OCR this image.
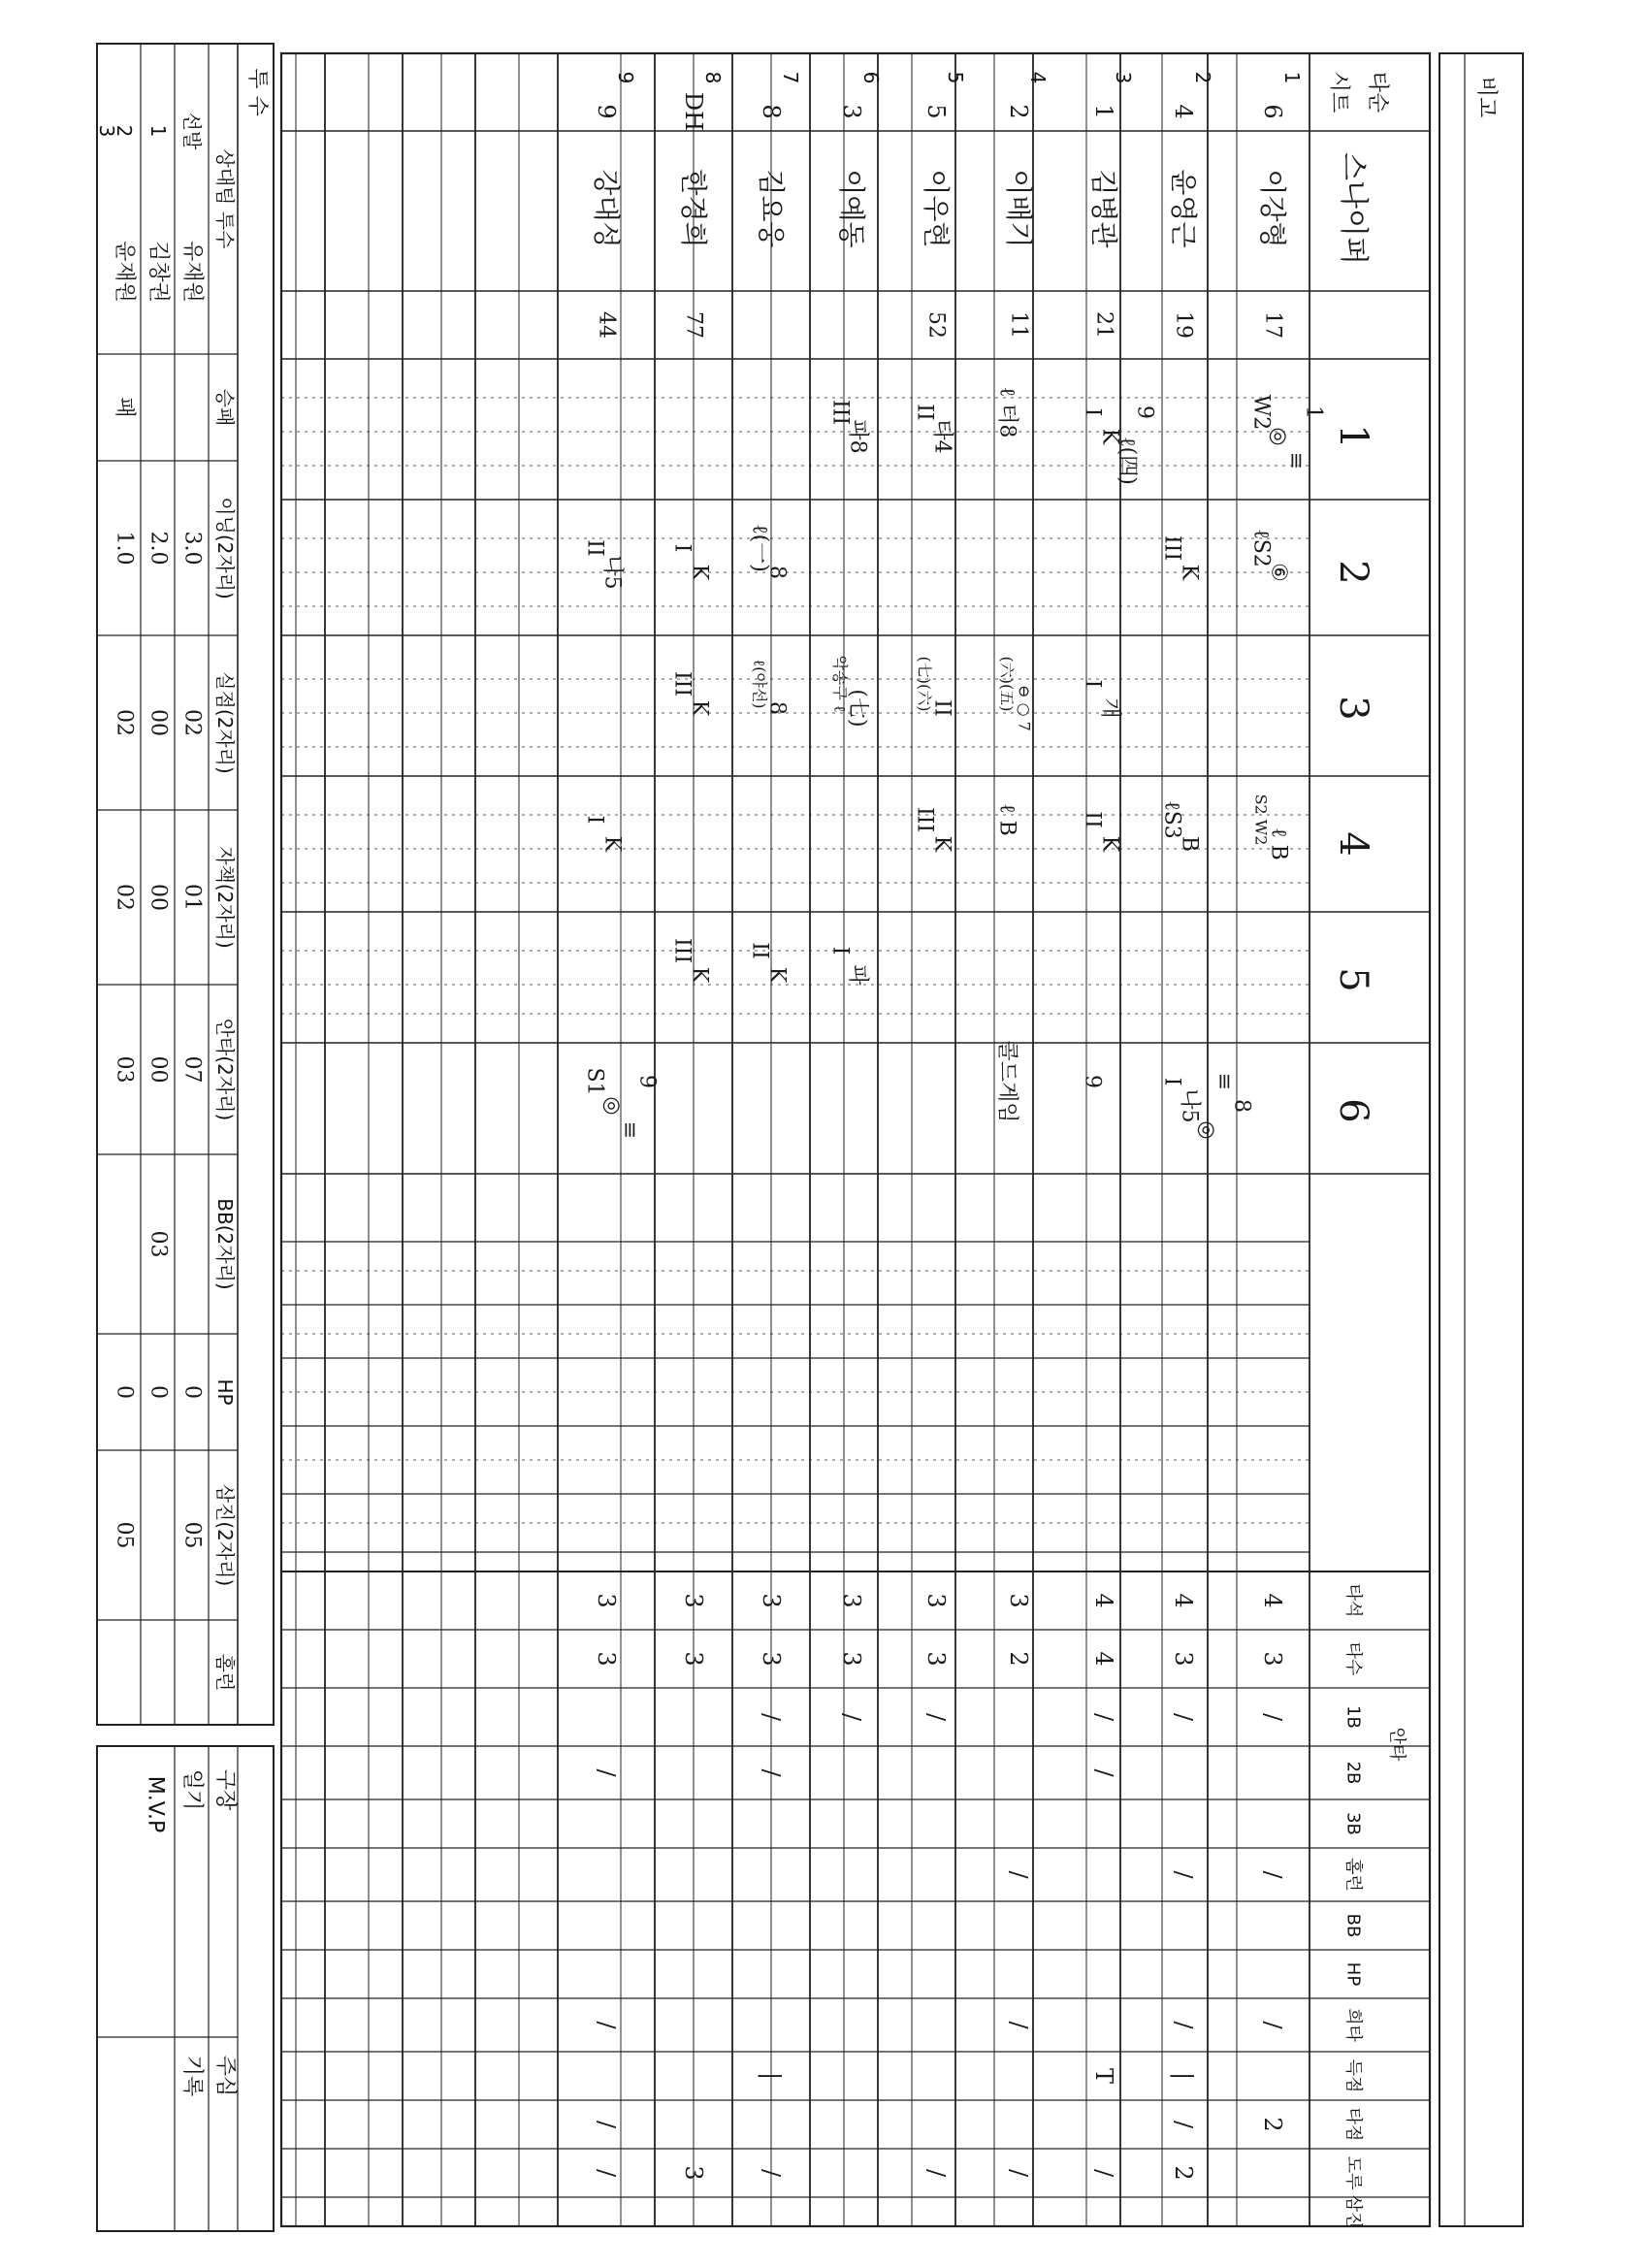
비고
타순
시트
1
2
3
4
5
6
스나이퍼
타석
타수
1B
안타
2B
3B
홈런
BB
HP
희타
득점
타점
도루
삼진
1
6
이강형
17
2
4
윤영근
19
3
1
김병관
21
4
2
이배기
11
5
5
이우현
52
6
3
이예동
7
8
김요웅
8
DH
한경희
77
9
9
강대성
44
4
3
/
/
/
2
4
3
/
/
/
|
/
2
4
4
/
/
T
/
3
2
/
/
/
3
3
/
/
3
3
/
3
3
/
/
|
/
3
3
3
3
3
/
/
/
/
W2
◎
≡
1
I
K
ℓ(四)
9
ℓ 터8
II
타4
III
파8
ℓS2
⑥
III
K
ℓ(一)
8
I
K
II
나5
I
개
(六)(五) ⊖ ○ 7
(七)(六)
II
악송구 ℓ
(七)
ℓ(야선)
8
III
K
S2 W2
ℓ B
ℓS3
B
II
K
ℓ B
III
K
I
K
I
파
II
K
III
K
I
나5
◎
≡
8
9
콜드게임
S1
◎
≡
9
투 수
상대팀 투수
승패
이닝(2자리)
실점(2자리)
자책(2자리)
안타(2자리)
BB(2자리)
HP
삼진(2자리)
홈런
선발
유재원
3.0
02
01
07
0
05
1
김창권
2.0
00
00
00
03
0
2
윤재원
패
1.0
02
02
03
0
05
3
구장
일기
M.V.P
주심
기록
